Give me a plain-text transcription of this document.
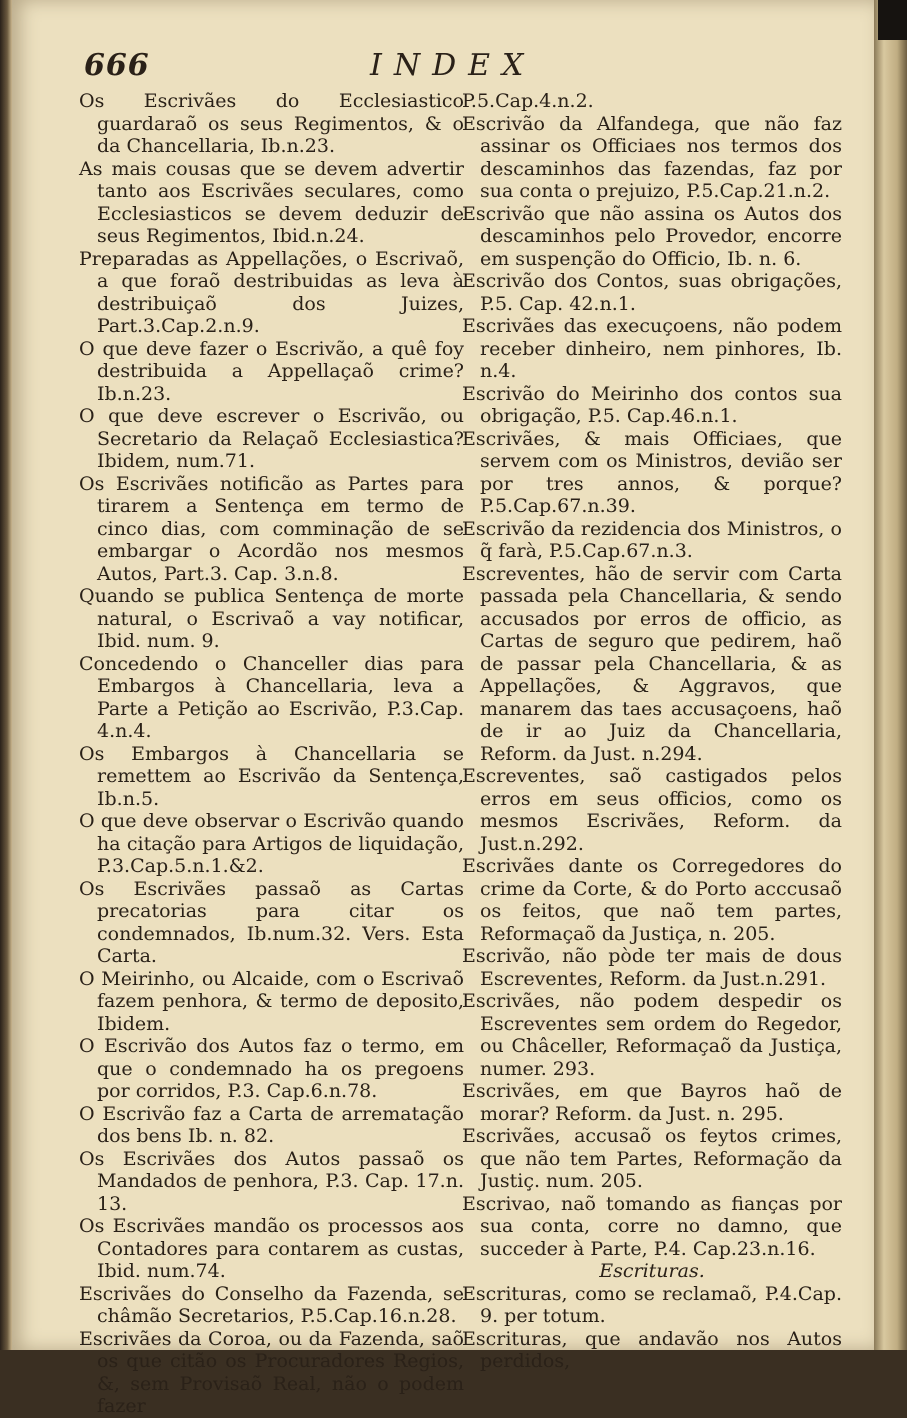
666	INDEX

Os Escrivães do Ecclesiastico guardaraõ os seus Regimentos, & o da Chancellaria, Ib.n.23.

As mais cousas que se devem advertir tanto aos Escrivães seculares, como Ecclesiasticos se devem deduzir de seus Regimentos, Ibid.n.24.

Preparadas as Appellações, o Escrivaõ, a que foraõ destribuidas as leva à destribuiçaõ dos Juizes, Part.3.Cap.2.n.9.

O que deve fazer o Escrivão, a quê foy destribuida a Appellaçaõ crime? Ib.n.23.

O que deve escrever o Escrivão, ou Secretario da Relaçaõ Ecclesiastica? Ibidem, num.71.

Os Escrivães notificão as Partes para tirarem a Sentença em termo de cinco dias, com comminação de se embargar o Acordão nos mesmos Autos, Part.3. Cap. 3.n.8.

Quando se publica Sentença de morte natural, o Escrivaõ a vay notificar, Ibid. num. 9.

Concedendo o Chanceller dias para Embargos à Chancellaria, leva a Parte a Petição ao Escrivão, P.3.Cap. 4.n.4.

Os Embargos à Chancellaria se remettem ao Escrivão da Sentença, Ib.n.5.

O que deve observar o Escrivão quando ha citação para Artigos de liquidação, P.3.Cap.5.n.1.&2.

Os Escrivães passaõ as Cartas precatorias para citar os condemnados, Ib.num.32. Vers. Esta Carta.

O Meirinho, ou Alcaide, com o Escrivaõ fazem penhora, & termo de deposito, Ibidem.

O Escrivão dos Autos faz o termo, em que o condemnado ha os pregoens por corridos, P.3. Cap.6.n.78.

O Escrivão faz a Carta de arrematação dos bens Ib. n. 82.

Os Escrivães dos Autos passaõ os Mandados de penhora, P.3. Cap. 17.n. 13.

Os Escrivães mandão os processos aos Contadores para contarem as custas, Ibid. num.74.

Escrivães do Conselho da Fazenda, se châmão Secretarios, P.5.Cap.16.n.28.

Escrivães da Coroa, ou da Fazenda, saõ os que citão os Procuradores Regios, &, sem Provisaõ Real, não o podem fazer

P.5.Cap.4.n.2.

Escrivão da Alfandega, que não faz assinar os Officiaes nos termos dos descaminhos das fazendas, faz por sua conta o prejuizo, P.5.Cap.21.n.2.

Escrivão que não assina os Autos dos descaminhos pelo Provedor, encorre em suspenção do Officio, Ib. n. 6.

Escrivão dos Contos, suas obrigações, P.5. Cap. 42.n.1.

Escrivães das execuçoens, não podem receber dinheiro, nem pinhores, Ib. n.4.

Escrivão do Meirinho dos contos sua obrigação, P.5. Cap.46.n.1.

Escrivães, & mais Officiaes, que servem com os Ministros, devião ser por tres annos, & porque? P.5.Cap.67.n.39.

Escrivão da rezidencia dos Ministros, o q̃ farà, P.5.Cap.67.n.3.

Escreventes, hão de servir com Carta passada pela Chancellaria, & sendo accusados por erros de officio, as Cartas de seguro que pedirem, haõ de passar pela Chancellaria, & as Appellações, & Aggravos, que manarem das taes accusaçoens, haõ de ir ao Juiz da Chancellaria, Reform. da Just. n.294.

Escreventes, saõ castigados pelos erros em seus officios, como os mesmos Escrivães, Reform. da Just.n.292.

Escrivães dante os Corregedores do crime da Corte, & do Porto acccusaõ os feitos, que naõ tem partes, Reformaçaõ da Justiça, n. 205.

Escrivão, não pòde ter mais de dous Escreventes, Reform. da Just.n.291.

Escrivães, não podem despedir os Escreventes sem ordem do Regedor, ou Châceller, Reformaçaõ da Justiça, numer. 293.

Escrivães, em que Bayros haõ de morar? Reform. da Just. n. 295.

Escrivães, accusaõ os feytos crimes, que não tem Partes, Reformação da Justiç. num. 205.

Escrivao, naõ tomando as fianças por sua conta, corre no damno, que succeder à Parte, P.4. Cap.23.n.16.

Escrituras.

Escrituras, como se reclamaõ, P.4.Cap. 9. per totum.

Escrituras, que andavão nos Autos perdidos,
